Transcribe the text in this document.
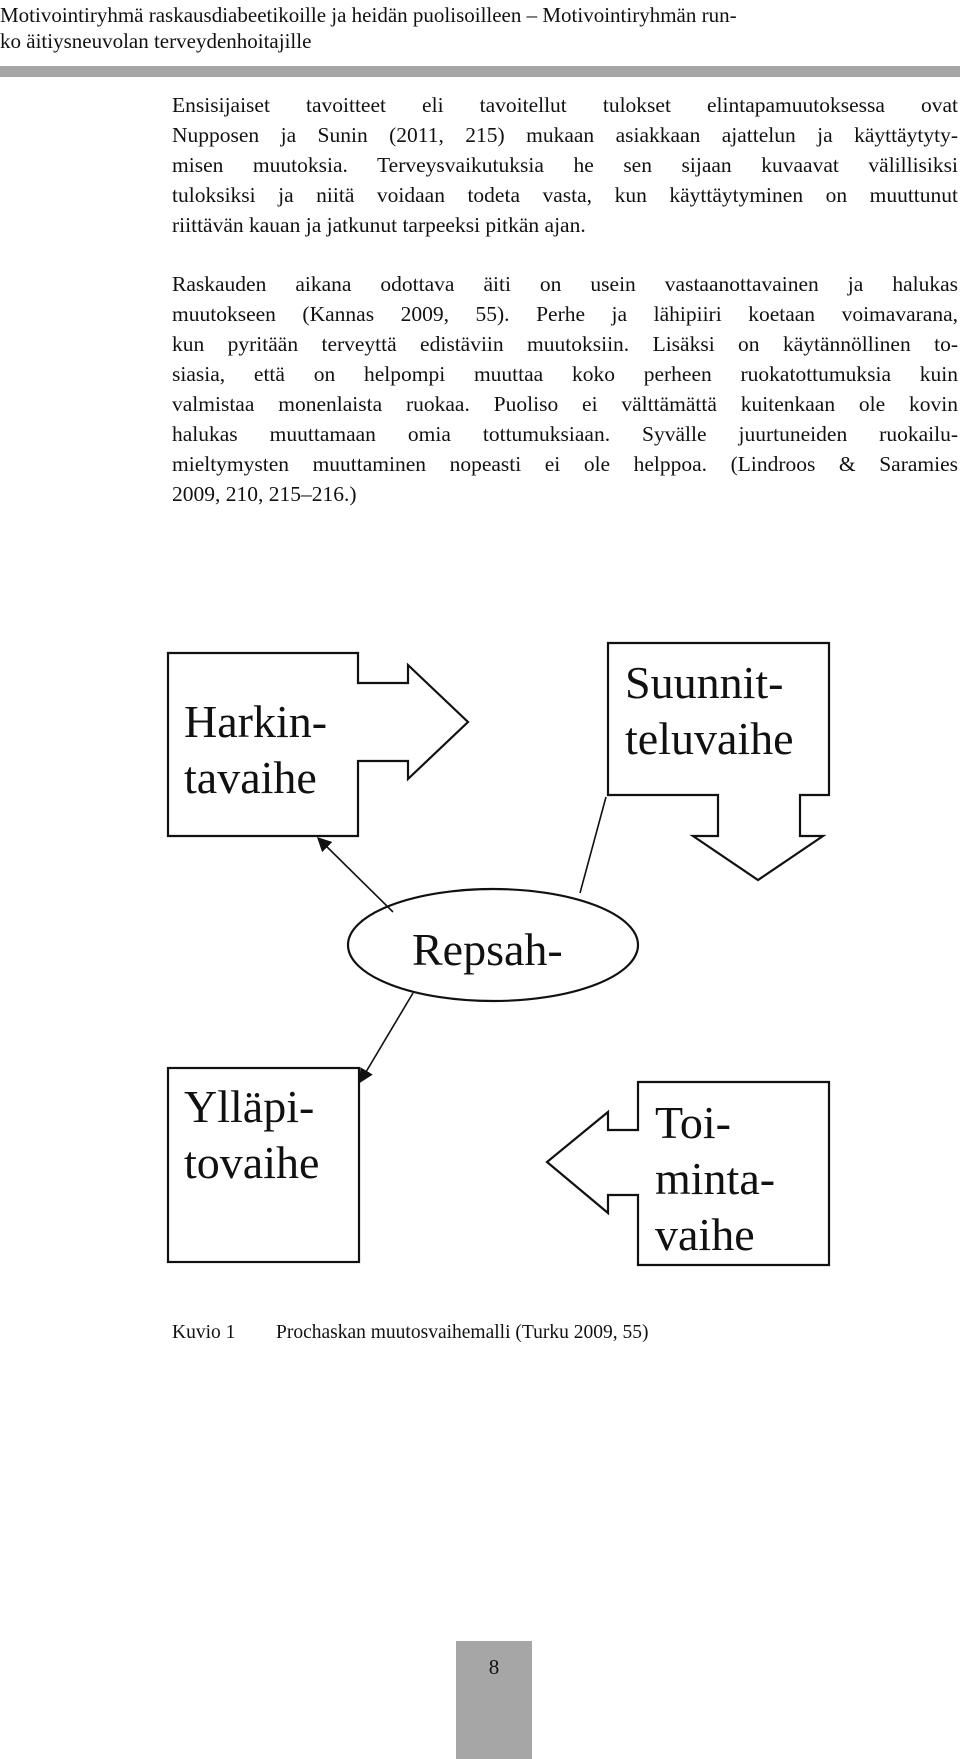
Motivointiryhmä raskausdiabeetikoille ja heidän puolisoilleen – Motivointiryhmän run-
ko äitiysneuvolan terveydenhoitajille
Ensisijaiset tavoitteet eli tavoitellut tulokset elintapamuutoksessa ovat
Nupposen ja Sunin (2011, 215) mukaan asiakkaan ajattelun ja käyttäytyty-
misen muutoksia. Terveysvaikutuksia he sen sijaan kuvaavat välillisiksi
tuloksiksi ja niitä voidaan todeta vasta, kun käyttäytyminen on muuttunut
riittävän kauan ja jatkunut tarpeeksi pitkän ajan.
Raskauden aikana odottava äiti on usein vastaanottavainen ja halukas
muutokseen (Kannas 2009, 55). Perhe ja lähipiiri koetaan voimavarana,
kun pyritään terveyttä edistäviin muutoksiin. Lisäksi on käytännöllinen to-
siasia, että on helpompi muuttaa koko perheen ruokatottumuksia kuin
valmistaa monenlaista ruokaa. Puoliso ei välttämättä kuitenkaan ole kovin
halukas muuttamaan omia tottumuksiaan. Syvälle juurtuneiden ruokailu-
mieltymysten muuttaminen nopeasti ei ole helppoa. (Lindroos & Saramies
2009, 210, 215–216.)
Harkin-
tavaihe
Suunnit-
teluvaihe
Repsah-
Ylläpi-
tovaihe
Toi-
minta-
vaihe
Kuvio 1 Prochaskan muutosvaihemalli (Turku 2009, 55)
8
